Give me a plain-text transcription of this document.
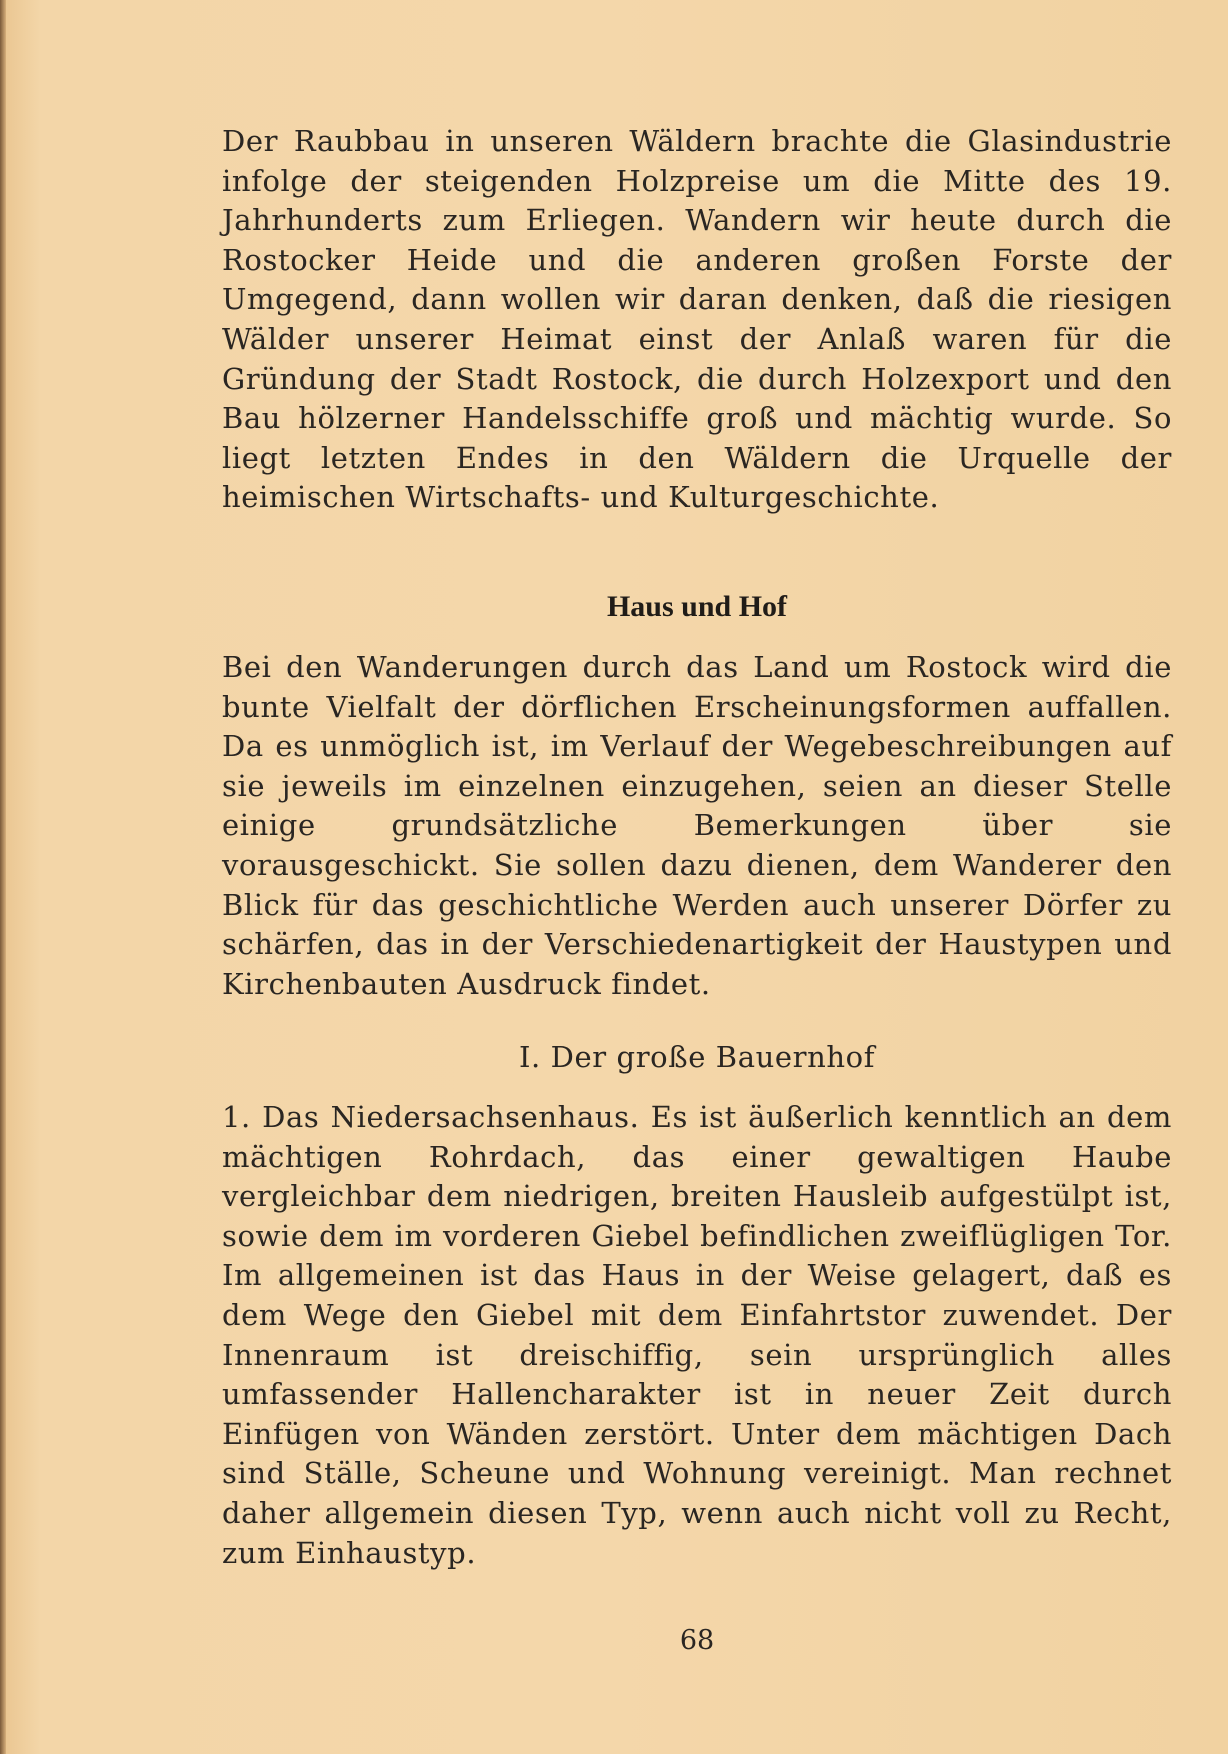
Der Raubbau in unseren Wäldern brachte die Glasindustrie infolge der steigenden Holzpreise um die Mitte des 19. Jahrhunderts zum Erliegen. Wandern wir heute durch die Rostocker Heide und die anderen großen Forste der Umgegend, dann wollen wir daran denken, daß die riesigen Wälder unserer Heimat einst der Anlaß waren für die Gründung der Stadt Rostock, die durch Holzexport und den Bau hölzerner Handelsschiffe groß und mächtig wurde. So liegt letzten Endes in den Wäldern die Urquelle der heimischen Wirtschafts- und Kulturgeschichte.

Haus und Hof

Bei den Wanderungen durch das Land um Rostock wird die bunte Vielfalt der dörflichen Erscheinungsformen auffallen. Da es unmöglich ist, im Verlauf der Wegebeschreibungen auf sie jeweils im einzelnen einzugehen, seien an dieser Stelle einige grundsätzliche Bemerkungen über sie vorausgeschickt. Sie sollen dazu dienen, dem Wanderer den Blick für das geschichtliche Werden auch unserer Dörfer zu schärfen, das in der Verschiedenartigkeit der Haustypen und Kirchenbauten Ausdruck findet.

I. Der große Bauernhof

1. Das Niedersachsenhaus. Es ist äußerlich kenntlich an dem mächtigen Rohrdach, das einer gewaltigen Haube vergleichbar dem niedrigen, breiten Hausleib aufgestülpt ist, sowie dem im vorderen Giebel befindlichen zweiflügligen Tor. Im allgemeinen ist das Haus in der Weise gelagert, daß es dem Wege den Giebel mit dem Einfahrtstor zuwendet. Der Innenraum ist dreischiffig, sein ursprünglich alles umfassender Hallencharakter ist in neuer Zeit durch Einfügen von Wänden zerstört. Unter dem mächtigen Dach sind Ställe, Scheune und Wohnung vereinigt. Man rechnet daher allgemein diesen Typ, wenn auch nicht voll zu Recht, zum Einhaustyp.

68
